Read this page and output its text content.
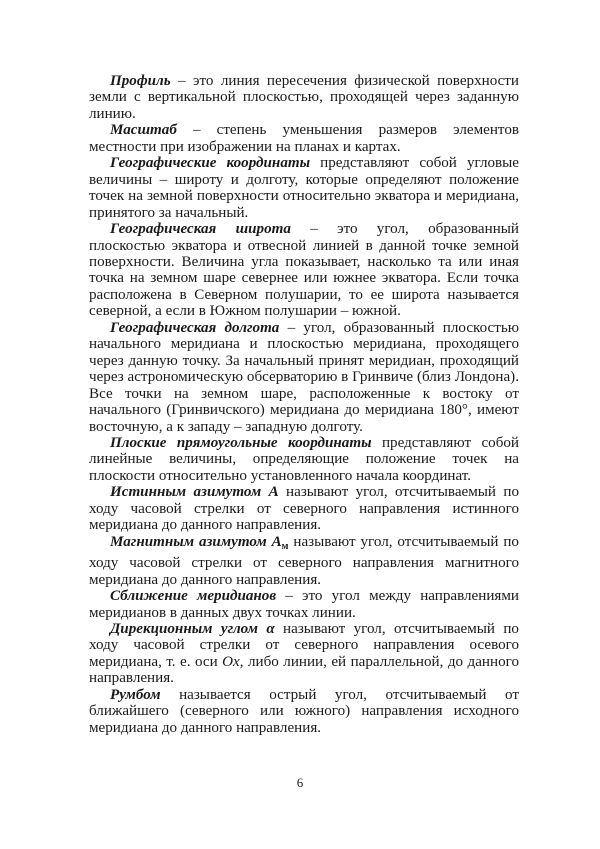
Профиль – это линия пересечения физической поверхности земли с вертикальной плоскостью, проходящей через заданную линию.

Масштаб – степень уменьшения размеров элементов местности при изображении на планах и картах.

Географические координаты представляют собой угловые величины – широту и долготу, которые определяют положение точек на земной поверхности относительно экватора и меридиана, принятого за начальный.

Географическая широта – это угол, образованный плоскостью экватора и отвесной линией в данной точке земной поверхности. Величина угла показывает, насколько та или иная точка на земном шаре севернее или южнее экватора. Если точка расположена в Северном полушарии, то ее широта называется северной, а если в Южном полушарии – южной.

Географическая долгота – угол, образованный плоскостью начального меридиана и плоскостью меридиана, проходящего через данную точку. За начальный принят меридиан, проходящий через астрономическую обсерваторию в Гринвиче (близ Лондона). Все точки на земном шаре, расположенные к востоку от начального (Гринвичского) меридиана до меридиана 180°, имеют восточную, а к западу – западную долготу.

Плоские прямоугольные координаты представляют собой линейные величины, определяющие положение точек на плоскости относительно установленного начала координат.

Истинным азимутом А называют угол, отсчитываемый по ходу часовой стрелки от северного направления истинного меридиана до данного направления.

Магнитным азимутом $А_м$ называют угол, отсчитываемый по ходу часовой стрелки от северного направления магнитного меридиана до данного направления.

Сближение меридианов – это угол между направлениями меридианов в данных двух точках линии.

Дирекционным углом α называют угол, отсчитываемый по ходу часовой стрелки от северного направления осевого меридиана, т. е. оси Ох, либо линии, ей параллельной, до данного направления.

Румбом называется острый угол, отсчитываемый от ближайшего (северного или южного) направления исходного меридиана до данного направления.

6
